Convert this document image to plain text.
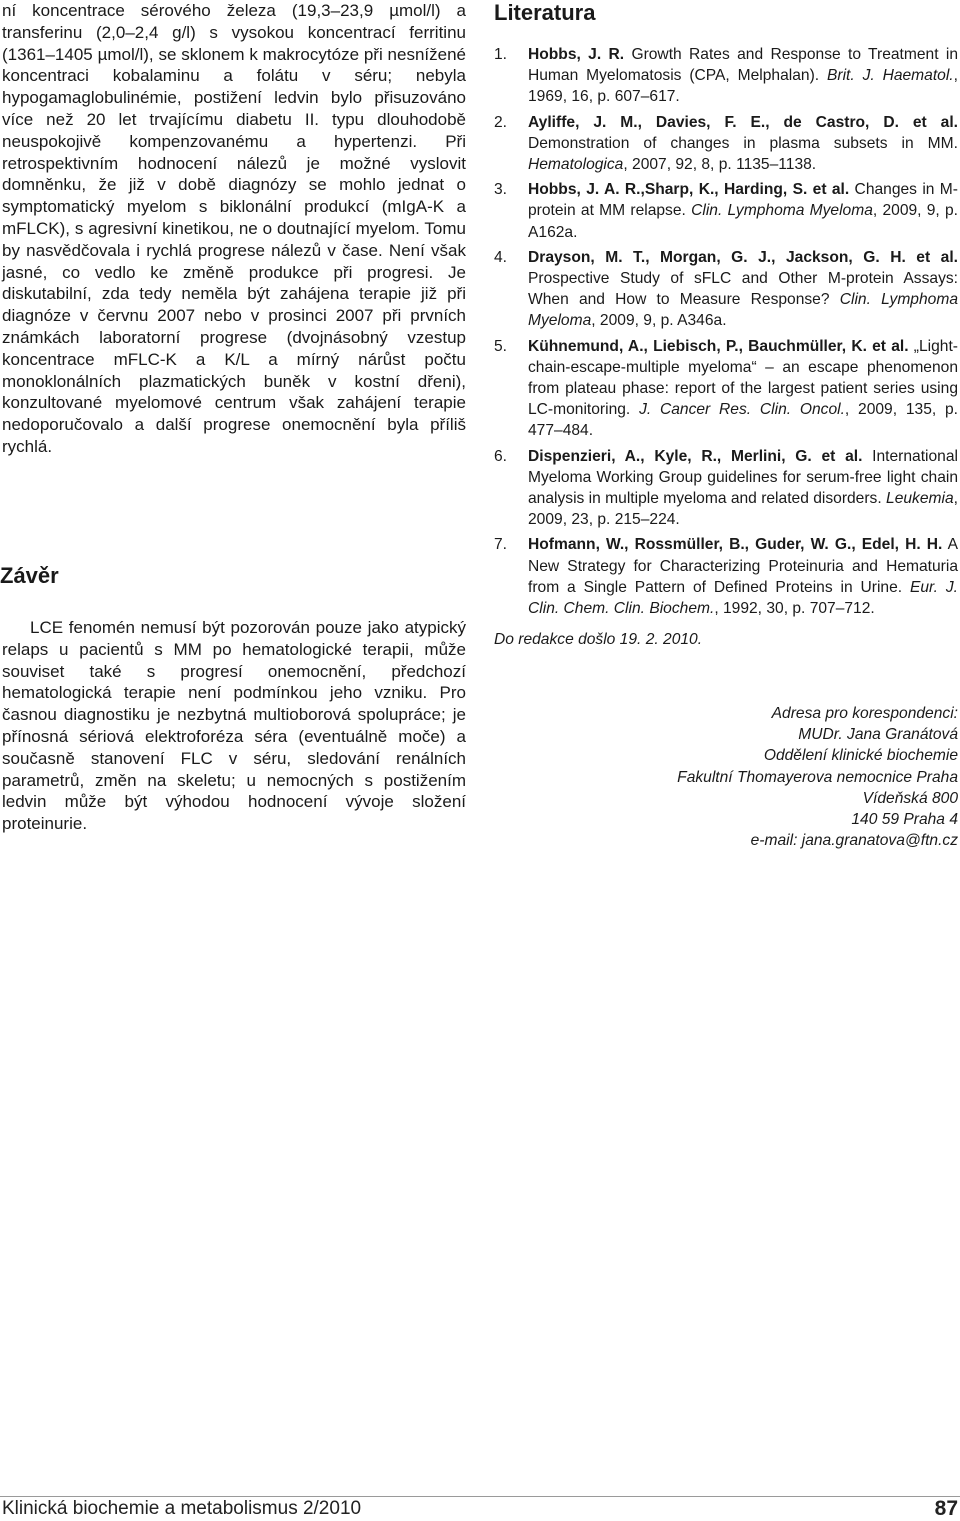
ní koncentrace sérového železa (19,3–23,9 µmol/l) a transferinu (2,0–2,4 g/l) s vysokou koncentrací ferritinu (1361–1405 µmol/l), se sklonem k makrocytóze při nesnížené koncentraci kobalaminu a folátu v séru; nebyla hypogamaglobulinémie, postižení ledvin bylo přisuzováno více než 20 let trvajícímu diabetu II. typu dlouhodobě neuspokojivě kompenzovanému a hypertenzi. Při retrospektivním hodnocení nálezů je možné vyslovit domněnku, že již v době diagnózy se mohlo jednat o symptomatický myelom s biklonální produkcí (mIgA-K a mFLCK), s agresivní kinetikou, ne o doutnající myelom. Tomu by nasvědčovala i rychlá progrese nálezů v čase. Není však jasné, co vedlo ke změně produkce při progresi. Je diskutabilní, zda tedy neměla být zahájena terapie již při diagnóze v červnu 2007 nebo v prosinci 2007 při prvních známkách laboratorní progrese (dvojnásobný vzestup koncentrace mFLC-K a K/L a mírný nárůst počtu monoklonálních plazmatických buněk v kostní dřeni), konzultované myelomové centrum však zahájení terapie nedoporučovalo a další progrese onemocnění byla příliš rychlá.

Závěr

LCE fenomén nemusí být pozorován pouze jako atypický relaps u pacientů s MM po hematologické terapii, může souviset také s progresí onemocnění, předchozí hematologická terapie není podmínkou jeho vzniku. Pro časnou diagnostiku je nezbytná multioborová spolupráce; je přínosná sériová elektroforéza séra (eventuálně moče) a současně stanovení FLC v séru, sledování renálních parametrů, změn na skeletu; u nemocných s postižením ledvin může být výhodou hodnocení vývoje složení proteinurie.

Literatura
1. Hobbs, J. R. Growth Rates and Response to Treatment in Human Myelomatosis (CPA, Melphalan). Brit. J. Haematol., 1969, 16, p. 607–617.
2. Ayliffe, J. M., Davies, F. E., de Castro, D. et al. Demonstration of changes in plasma subsets in MM. Hematologica, 2007, 92, 8, p. 1135–1138.
3. Hobbs, J. A. R.,Sharp, K., Harding, S. et al. Changes in M-protein at MM relapse. Clin. Lymphoma Myeloma, 2009, 9, p. A162a.
4. Drayson, M. T., Morgan, G. J., Jackson, G. H. et al. Prospective Study of sFLC and Other M-protein Assays: When and How to Measure Response? Clin. Lymphoma Myeloma, 2009, 9, p. A346a.
5. Kühnemund, A., Liebisch, P., Bauchmüller, K. et al. „Light-chain-escape-multiple myeloma“ – an escape phenomenon from plateau phase: report of the largest patient series using LC-monitoring. J. Cancer Res. Clin. Oncol., 2009, 135, p. 477–484.
6. Dispenzieri, A., Kyle, R., Merlini, G. et al. International Myeloma Working Group guidelines for serum-free light chain analysis in multiple myeloma and related disorders. Leukemia, 2009, 23, p. 215–224.
7. Hofmann, W., Rossmüller, B., Guder, W. G., Edel, H. H. A New Strategy for Characterizing Proteinuria and Hematuria from a Single Pattern of Defined Proteins in Urine. Eur. J. Clin. Chem. Clin. Biochem., 1992, 30, p. 707–712.
Do redakce došlo 19. 2. 2010.
Adresa pro korespondenci:
MUDr. Jana Granátová
Oddělení klinické biochemie
Fakultní Thomayerova nemocnice Praha
Vídeňská 800
140 59 Praha 4
e-mail: jana.granatova@ftn.cz
Klinická biochemie a metabolismus 2/2010	87
